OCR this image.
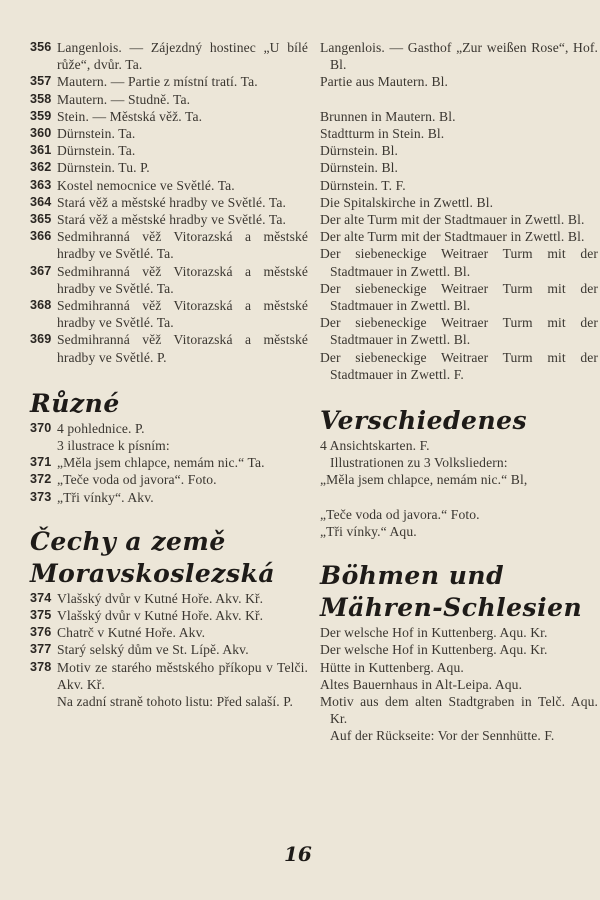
356 Langenlois. — Zájezdný hostinec „U bílé růže“, dvůr. Ta.
357 Mautern. — Partie z místní tratí. Ta.
358 Mautern. — Studně. Ta.
359 Stein. — Městská věž. Ta.
360 Dürnstein. Ta.
361 Dürnstein. Ta.
362 Dürnstein. Tu. P.
363 Kostel nemocnice ve Světlé. Ta.
364 Stará věž a městské hradby ve Světlé. Ta.
365 Stará věž a městské hradby ve Světlé. Ta.
366 Sedmihranná věž Vitorazská a městské hradby ve Světlé. Ta.
367 Sedmihranná věž Vitorazská a městské hradby ve Světlé. Ta.
368 Sedmihranná věž Vitorazská a městské hradby ve Světlé. Ta.
369 Sedmihranná věž Vitorazská a městské hradby ve Světlé. P.
Různé
370 4 pohlednice. P.
3 ilustrace k písním:
371 „Měla jsem chlapce, nemám nic.“ Ta.
372 „Teče voda od javora“. Foto.
373 „Tři vínky“. Akv.
Čechy a země
Moravskoslezská
374 Vlašský dvůr v Kutné Hoře. Akv. Kř.
375 Vlašský dvůr v Kutné Hoře. Akv. Kř.
376 Chatrč v Kutné Hoře. Akv.
377 Starý selský dům ve St. Lípě. Akv.
378 Motiv ze starého městského příkopu v Telči. Akv. Kř.
Na zadní straně tohoto listu: Před salaší. P.
Langenlois. — Gasthof „Zur weißen Rose“, Hof. Bl.
Partie aus Mautern. Bl.
Brunnen in Mautern. Bl.
Stadtturm in Stein. Bl.
Dürnstein. Bl.
Dürnstein. Bl.
Dürnstein. T. F.
Die Spitalskirche in Zwettl. Bl.
Der alte Turm mit der Stadtmauer in Zwettl. Bl.
Der alte Turm mit der Stadtmauer in Zwettl. Bl.
Der siebeneckige Weitraer Turm mit der Stadtmauer in Zwettl. Bl.
Der siebeneckige Weitraer Turm mit der Stadtmauer in Zwettl. Bl.
Der siebeneckige Weitraer Turm mit der Stadtmauer in Zwettl. Bl.
Der siebeneckige Weitraer Turm mit der Stadtmauer in Zwettl. F.
Verschiedenes
4 Ansichtskarten. F.
Illustrationen zu 3 Volksliedern:
„Měla jsem chlapce, nemám nic.“ Bl,
„Teče voda od javora.“ Foto.
„Tři vínky.“ Aqu.
Böhmen und
Mähren-Schlesien
Der welsche Hof in Kuttenberg. Aqu. Kr.
Der welsche Hof in Kuttenberg. Aqu. Kr.
Hütte in Kuttenberg. Aqu.
Altes Bauernhaus in Alt-Leipa. Aqu.
Motiv aus dem alten Stadtgraben in Telč. Aqu. Kr.
Auf der Rückseite: Vor der Sennhütte. F.
16
